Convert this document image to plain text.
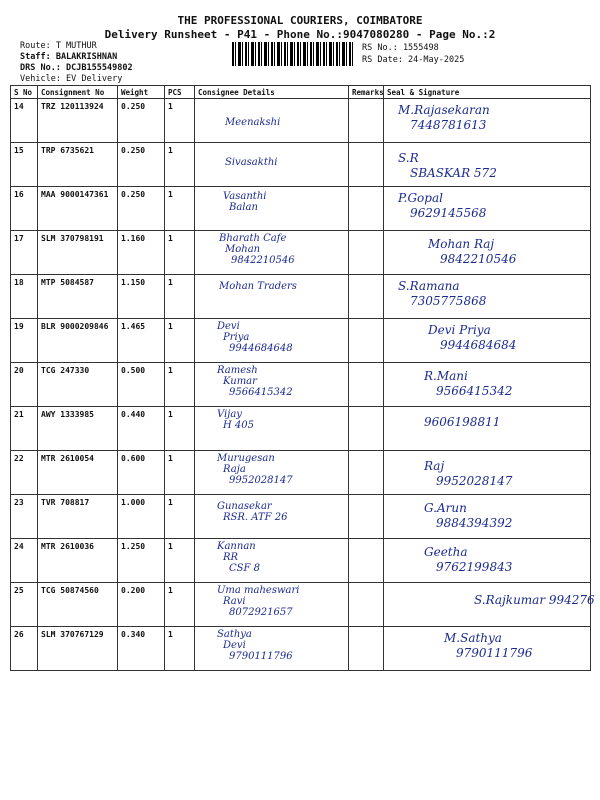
THE PROFESSIONAL COURIERS, COIMBATORE
Delivery Runsheet - P41 - Phone No.:9047080280 - Page No.:2
Route: T MUTHUR
Staff: BALAKRISHNAN
DRS No.: DCJB155549802
Vehicle: EV Delivery
RS No.: 1555498
RS Date: 24-May-2025
S No	Consignment No	Weight	PCS	Consignee Details	Remarks	Seal & Signature
14	TRZ 120113924	0.250	1	Meenakshi		M.Rajasekaran
7448781613

15	TRP 6735621	0.250	1	Sivasakthi		S.R
SBASKAR 572

16	MAA 9000147361	0.250	1	Vasanthi
Balan		P.Gopal
9629145568

17	SLM 370798191	1.160	1	Bharath Cafe
Mohan
9842210546		Mohan Raj
9842210546

18	MTP 5084587	1.150	1	Mohan Traders		S.Ramana
7305775868

19	BLR 9000209846	1.465	1	Devi
Priya
9944684648		Devi Priya
9944684684

20	TCG 247330	0.500	1	Ramesh
Kumar
9566415342		R.Mani
9566415342

21	AWY 1333985	0.440	1	Vijay
H 405		9606198811

22	MTR 2610054	0.600	1	Murugesan
Raja
9952028147		Raj
9952028147

23	TVR 708817	1.000	1	Gunasekar
RSR. ATF 26		G.Arun
9884394392

24	MTR 2610036	1.250	1	Kannan
RR
CSF 8		Geetha
9762199843

25	TCG 50874560	0.200	1	Uma maheswari
Ravi
8072921657		S.Rajkumar 994276

26	SLM 370767129	0.340	1	Sathya
Devi
9790111796		M.Sathya
9790111796
